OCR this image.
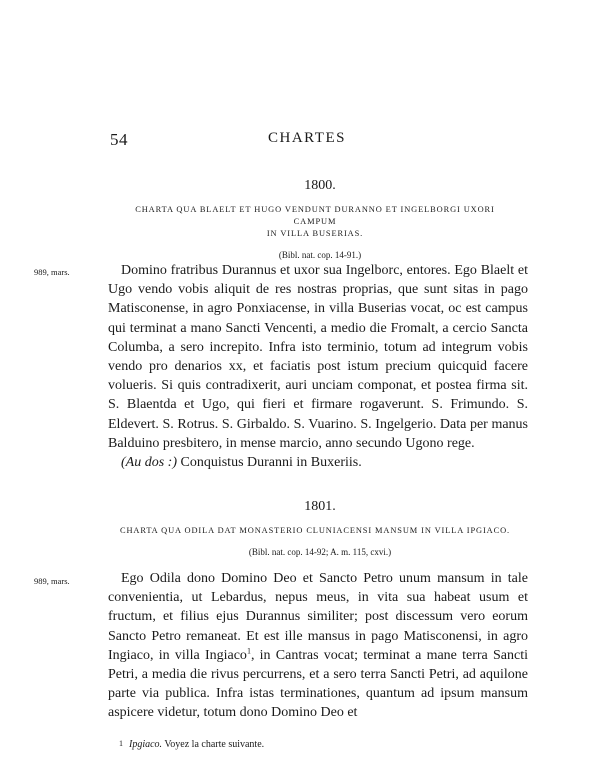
54	CHARTES

1800.

CHARTA QUA BLAELT ET HUGO VENDUNT DURANNO ET INGELBORGI UXORI CAMPUM
IN VILLA BUSERIAS.

(Bibl. nat. cop. 14-91.)

989, mars.	Domino fratribus Durannus et uxor sua Ingelborc, entores. Ego Blaelt et Ugo vendo vobis aliquit de res nostras proprias, que sunt sitas in pago Matisconense, in agro Ponxiacense, in villa Buserias vocat, oc est campus qui terminat a mano Sancti Vencenti, a medio die Fromalt, a cercio Sancta Columba, a sero increpito. Infra isto terminio, totum ad integrum vobis vendo pro denarios xx, et faciatis post istum precium quicquid facere volueris. Si quis contradixerit, auri unciam componat, et postea firma sit. S. Blaentda et Ugo, qui fieri et firmare rogaverunt. S. Frimundo. S. Eldevert. S. Rotrus. S. Girbaldo. S. Vuarino. S. Ingelgerio. Data per manus Balduino presbitero, in mense marcio, anno secundo Ugono rege.

(Au dos :) Conquistus Duranni in Buxeriis.

1801.

CHARTA QUA ODILA DAT MONASTERIO CLUNIACENSI MANSUM IN VILLA IPGIACO.

(Bibl. nat. cop. 14-92; A. m. 115, cxvi.)

989, mars.	Ego Odila dono Domino Deo et Sancto Petro unum mansum in tale convenientia, ut Lebardus, nepus meus, in vita sua habeat usum et fructum, et filius ejus Durannus similiter; post discessum vero eorum Sancto Petro remaneat. Et est ille mansus in pago Matisconensi, in agro Ingiaco, in villa Ingiaco$^1$, in Cantras vocat; terminat a mane terra Sancti Petri, a media die rivus percurrens, et a sero terra Sancti Petri, ad aquilone parte via publica. Infra istas terminationes, quantum ad ipsum mansum aspicere videtur, totum dono Domino Deo et

$^1$ Ipgiaco. Voyez la charte suivante.
